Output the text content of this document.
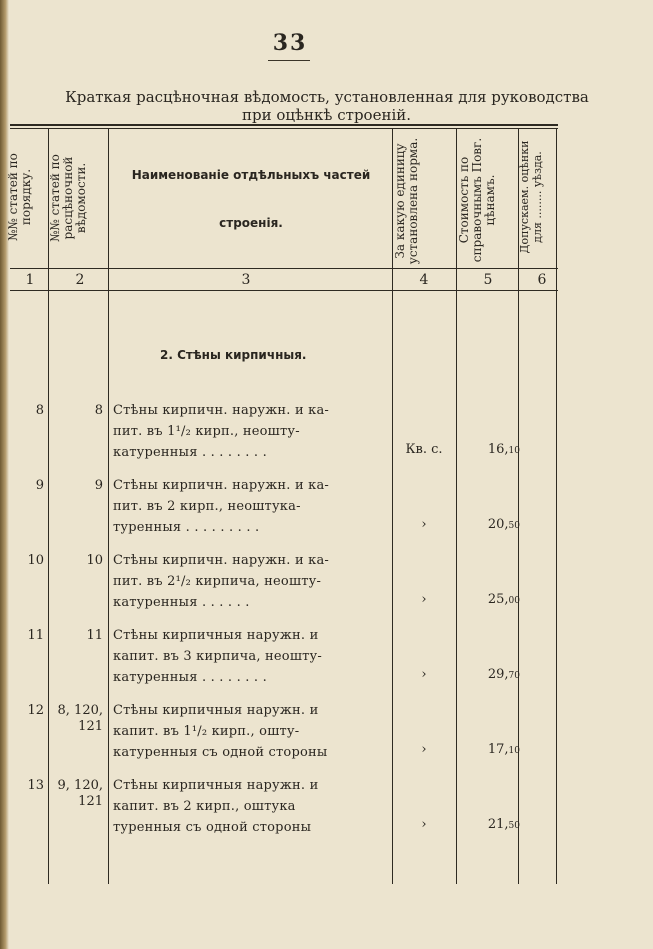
33
Краткая расцѣночная вѣдомость, установленная для руководства
при оцѣнкѣ строеній.
№№ статей по порядку.	№№ статей по расцѣночной вѣдомости.	Наименованіе отдѣльныхъ частей
строенія.	За какую единицу установлена норма.	Стоимость по справочнымъ Повг. цѣнамъ.	Допускаем. оцѣнки для ........ уѣзда.
1	2	3	4	5	6
2. Стѣны кирпичныя.
8	8 Стѣны кирпичн. наружн. и ка-
пит. въ 1¹/₂ кирп., неошту-
катуренныя . . . . . . . .	Кв. с.	16,10
9	9 Стѣны кирпичн. наружн. и ка-
пит. въ 2 кирп., неоштука-
туренныя . . . . . . . . .	›	20,50
10	10 Стѣны кирпичн. наружн. и ка-
пит. въ 2¹/₂ кирпича, неошту-
катуренныя . . . . . .	›	25,00
11	11 Стѣны кирпичныя наружн. и
капит. въ 3 кирпича, неошту-
катуренныя . . . . . . . .	›	29,70
12	8, 120,
121
Стѣны кирпичныя наружн. и
капит. въ 1¹/₂ кирп., ошту-
катуренныя съ одной стороны	›	17,10
13	9, 120,
121
Стѣны кирпичныя наружн. и
капит. въ 2 кирп., оштука
туренныя съ одной стороны	›	21,50
